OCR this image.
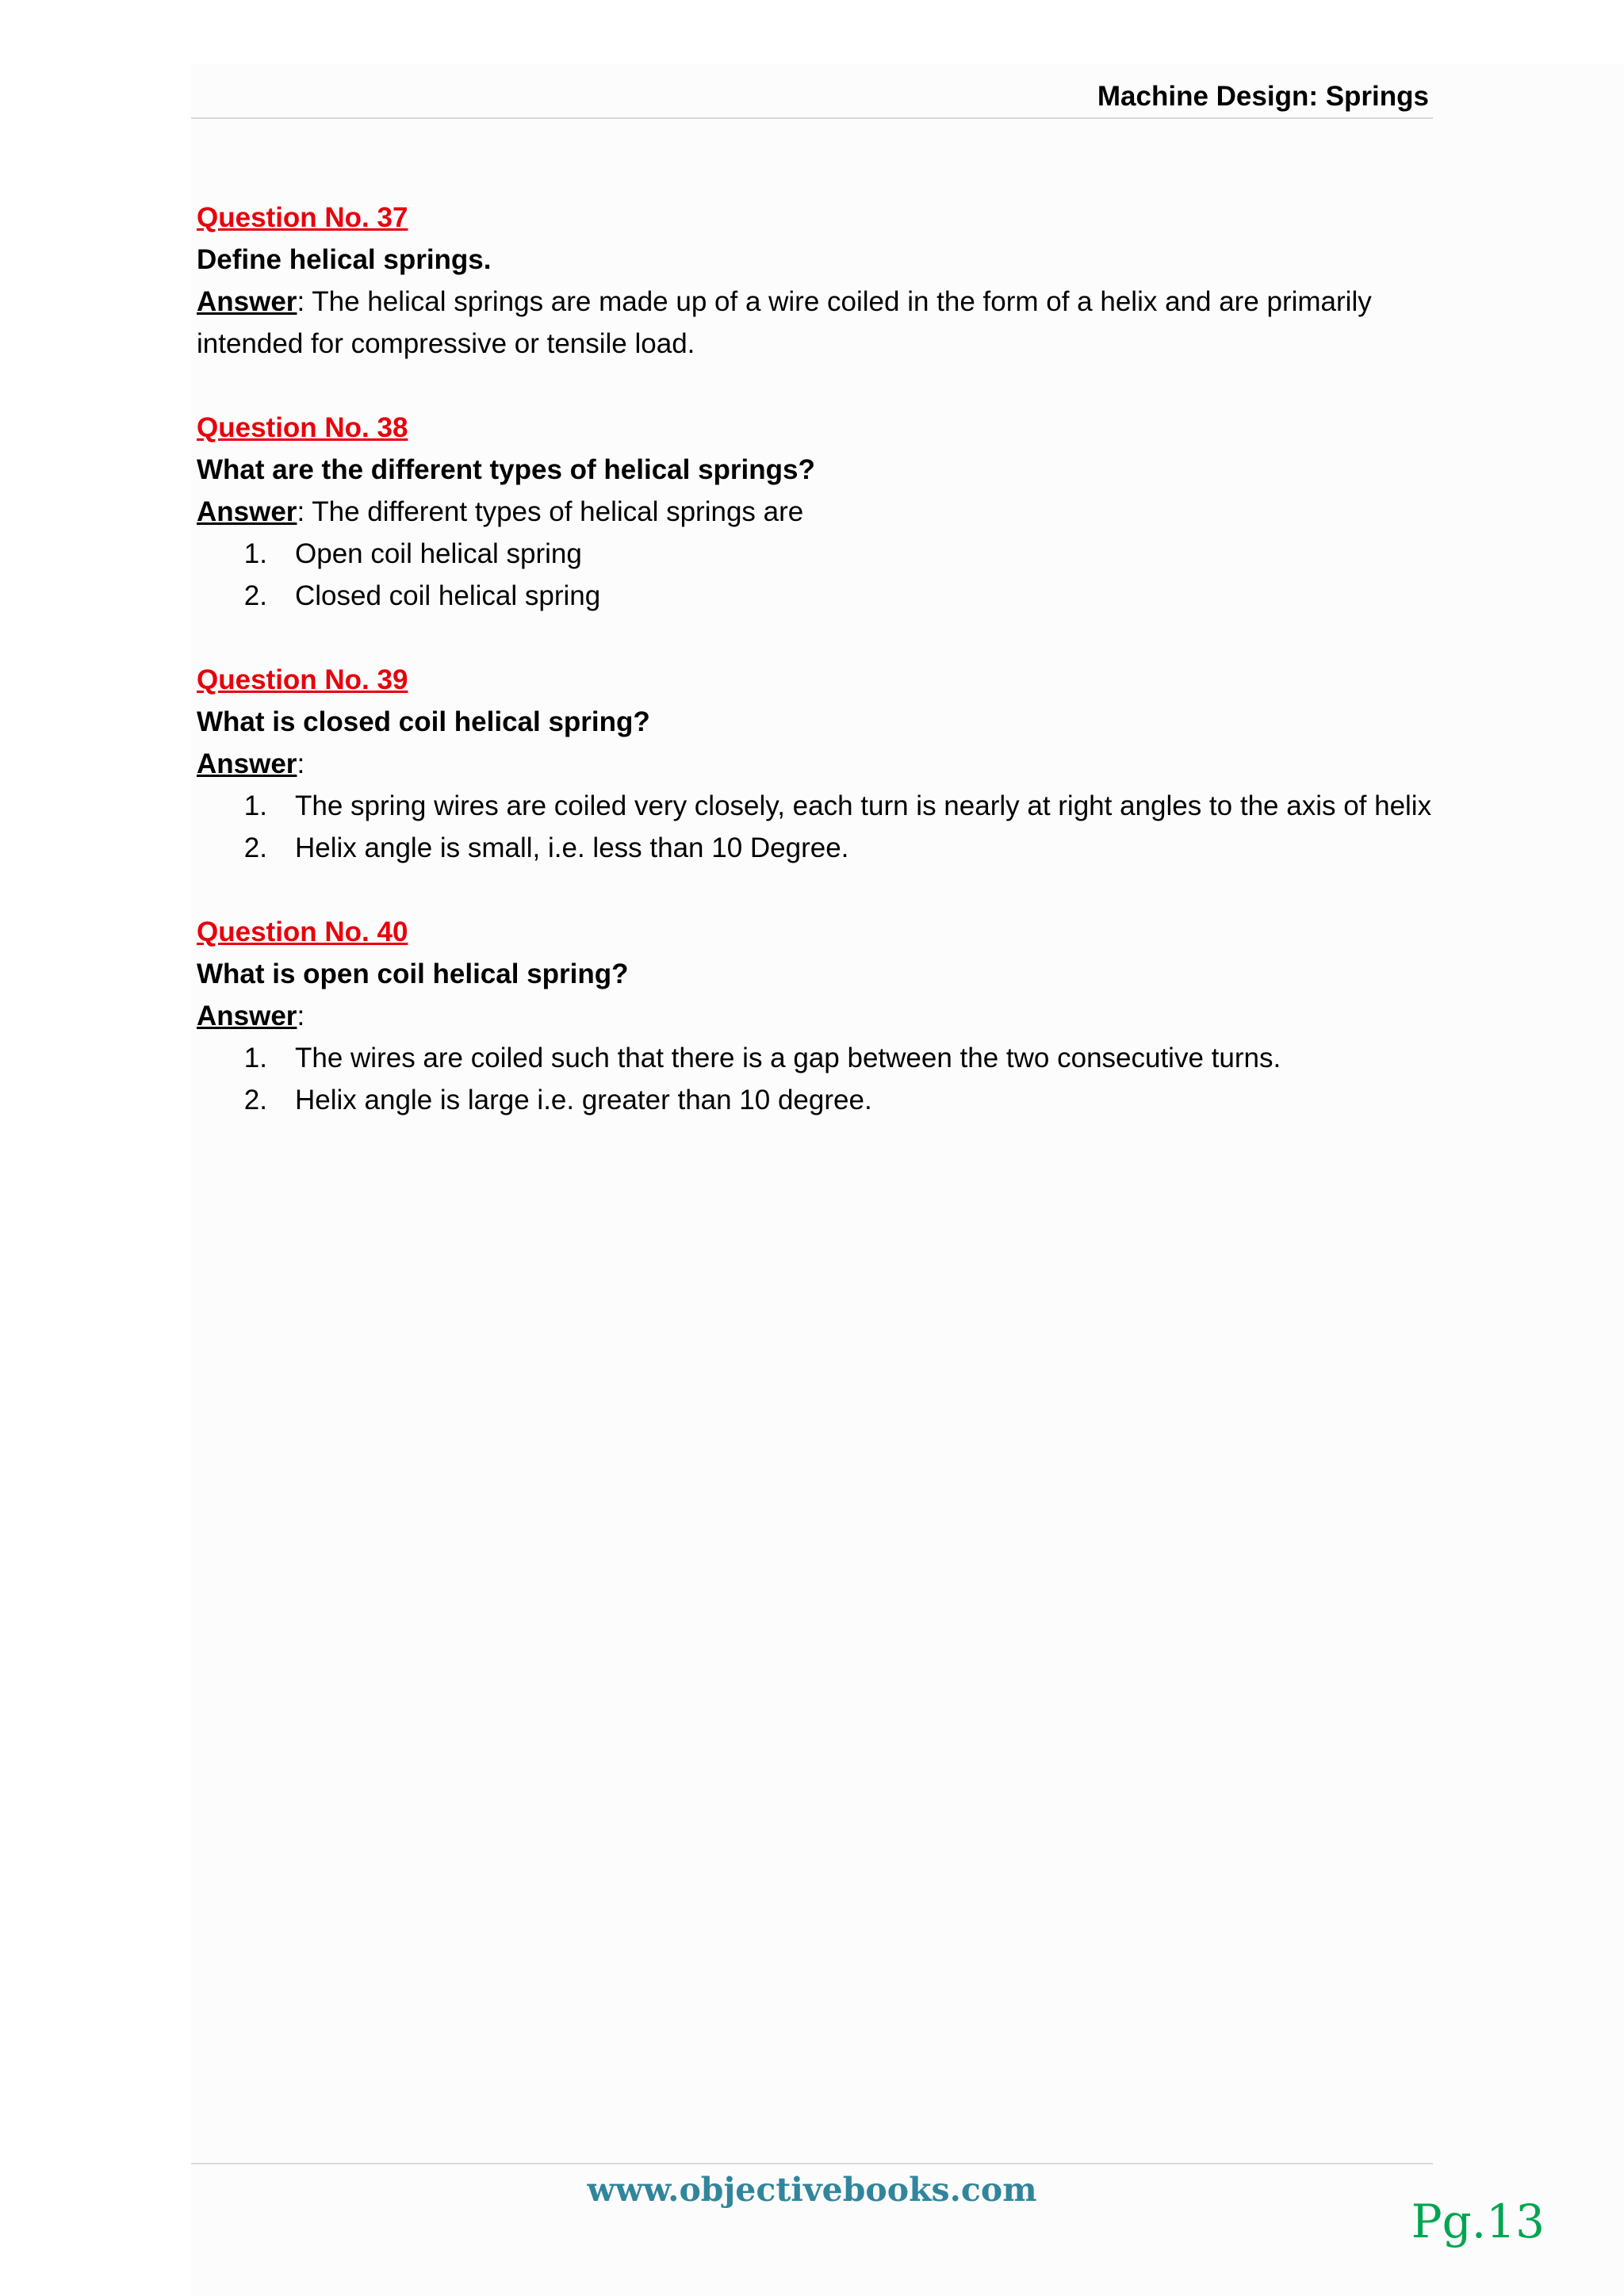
Machine Design: Springs
Question No. 37
Define helical springs.
Answer: The helical springs are made up of a wire coiled in the form of a helix and are primarily intended for compressive or tensile load.
Question No. 38
What are the different types of helical springs?
Answer: The different types of helical springs are
1.	Open coil helical spring
2.	Closed coil helical spring
Question No. 39
What is closed coil helical spring?
Answer:
1.	The spring wires are coiled very closely, each turn is nearly at right angles to the axis of helix
2.	Helix angle is small, i.e. less than 10 Degree.
Question No. 40
What is open coil helical spring?
Answer:
1.	The wires are coiled such that there is a gap between the two consecutive turns.
2.	Helix angle is large i.e. greater than 10 degree.
www.objectivebooks.com
Pg.13
